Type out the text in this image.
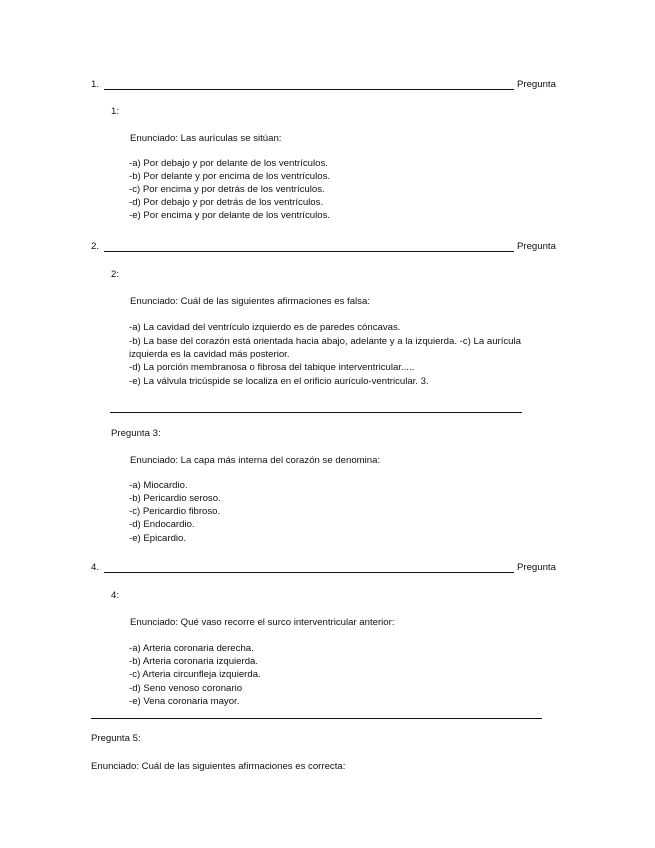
1.	Pregunta
1:
Enunciado: Las aurículas se sitúan:
-a) Por debajo y por delante de los ventrículos.
-b) Por delante y por encima de los ventrículos.
-c) Por encima y por detrás de los ventrículos.
-d) Por debajo y por detrás de los ventrículos.
-e) Por encima y por delante de los ventrículos.
2.	Pregunta
2:
Enunciado: Cuál de las siguientes afirmaciones es falsa:
-a) La cavidad del ventrículo izquierdo es de paredes cóncavas.
-b) La base del corazón está orientada hacia abajo, adelante y a la izquierda. -c) La aurícula izquierda es la cavidad más posterior.
-d) La porción membranosa o fibrosa del tabique interventricular.....
-e) La válvula tricúspide se localiza en el orificio aurículo-ventricular. 3.
Pregunta 3:
Enunciado: La capa más interna del corazón se denomina:
-a) Miocardio.
-b) Pericardio seroso.
-c) Pericardio fibroso.
-d) Endocardio.
-e) Epicardio.
4.	Pregunta
4:
Enunciado: Qué vaso recorre el surco interventricular anterior:
-a) Arteria coronaria derecha.
-b) Arteria coronaria izquierda.
-c) Arteria circunfleja izquierda.
-d) Seno venoso coronario
-e) Vena coronaria mayor.
Pregunta 5:
Enunciado: Cuál de las siguientes afirmaciones es correcta:
